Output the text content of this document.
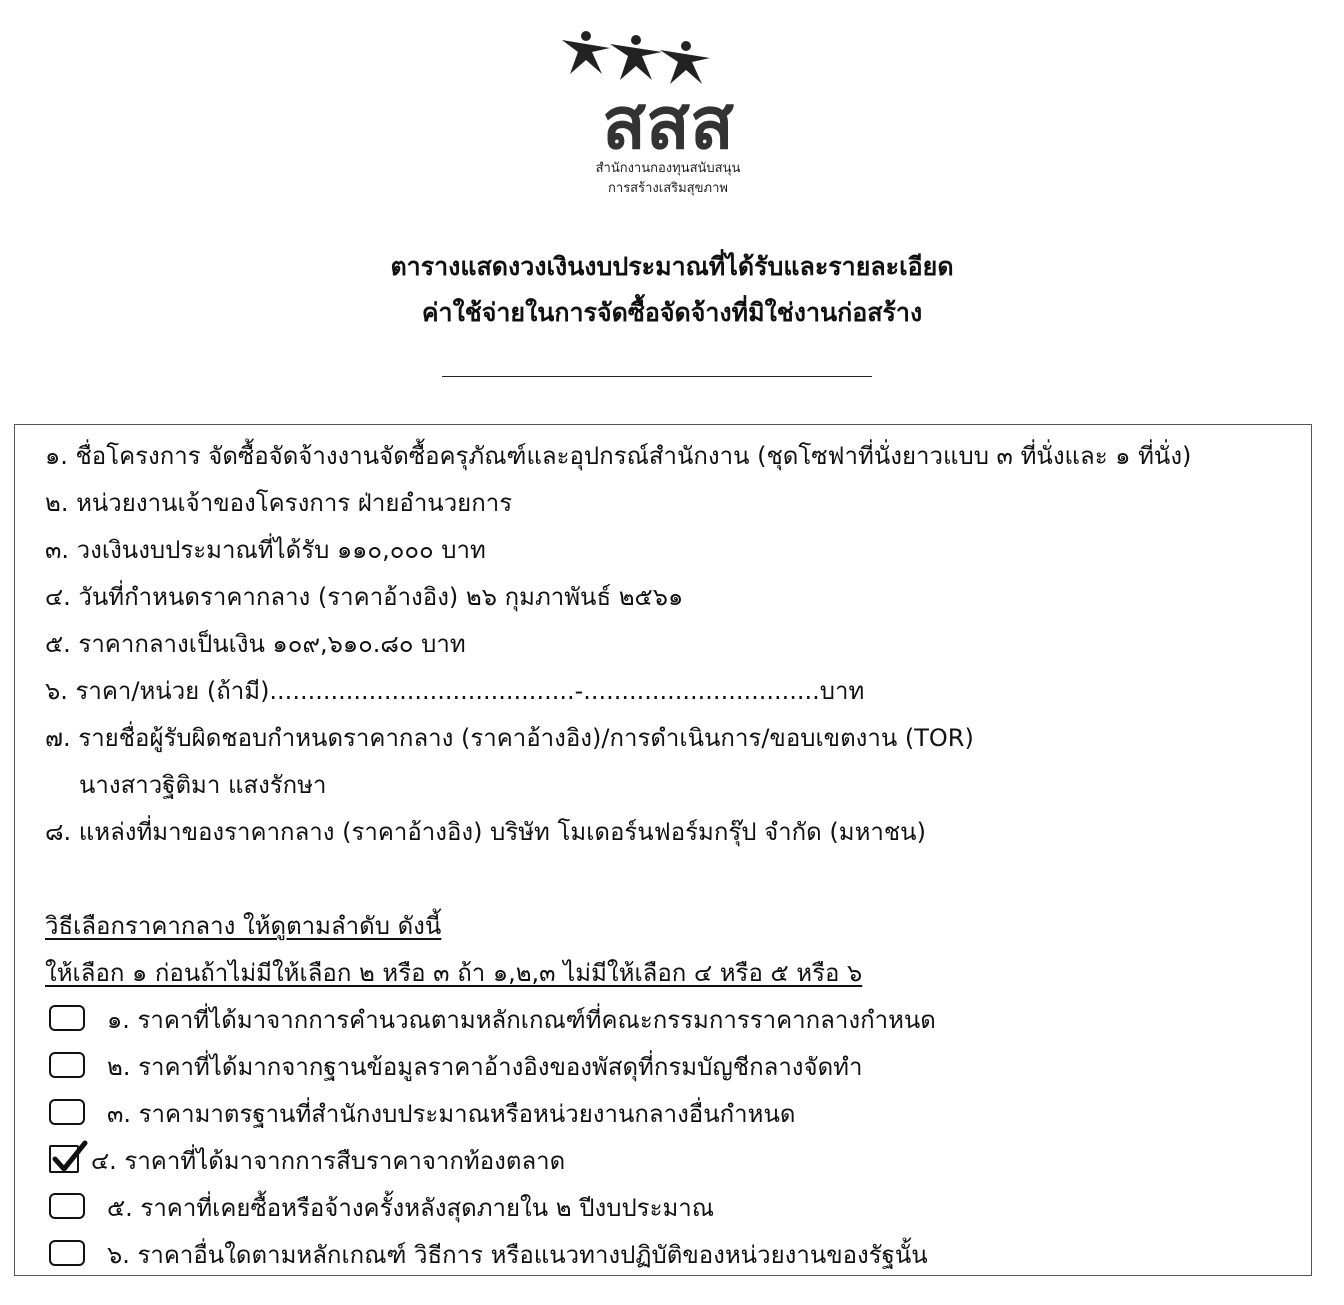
สสส
สำนักงานกองทุนสนับสนุน
การสร้างเสริมสุขภาพ
ตารางแสดงวงเงินงบประมาณที่ได้รับและรายละเอียด
ค่าใช้จ่ายในการจัดซื้อจัดจ้างที่มิใช่งานก่อสร้าง
๑. ชื่อโครงการ จัดซื้อจัดจ้างงานจัดซื้อครุภัณฑ์และอุปกรณ์สำนักงาน (ชุดโซฟาที่นั่งยาวแบบ ๓ ที่นั่งและ ๑ ที่นั่ง)
๒. หน่วยงานเจ้าของโครงการ ฝ่ายอำนวยการ
๓. วงเงินงบประมาณที่ได้รับ ๑๑๐,๐๐๐ บาท
๔. วันที่กำหนดราคากลาง (ราคาอ้างอิง) ๒๖ กุมภาพันธ์ ๒๕๖๑
๕. ราคากลางเป็นเงิน ๑๐๙,๖๑๐.๘๐ บาท
๖. ราคา/หน่วย (ถ้ามี)........................................-...............................บาท
๗. รายชื่อผู้รับผิดชอบกำหนดราคากลาง (ราคาอ้างอิง)/การดำเนินการ/ขอบเขตงาน (TOR)
นางสาวฐิติมา แสงรักษา
๘. แหล่งที่มาของราคากลาง (ราคาอ้างอิง) บริษัท โมเดอร์นฟอร์มกรุ๊ป จำกัด (มหาชน)
วิธีเลือกราคากลาง ให้ดูตามลำดับ ดังนี้
ให้เลือก ๑ ก่อนถ้าไม่มีให้เลือก ๒ หรือ ๓ ถ้า ๑,๒,๓ ไม่มีให้เลือก ๔ หรือ ๕ หรือ ๖
๑. ราคาที่ได้มาจากการคำนวณตามหลักเกณฑ์ที่คณะกรรมการราคากลางกำหนด
๒. ราคาที่ได้มากจากฐานข้อมูลราคาอ้างอิงของพัสดุที่กรมบัญชีกลางจัดทำ
๓. ราคามาตรฐานที่สำนักงบประมาณหรือหน่วยงานกลางอื่นกำหนด
๔. ราคาที่ได้มาจากการสืบราคาจากท้องตลาด
๕. ราคาที่เคยซื้อหรือจ้างครั้งหลังสุดภายใน ๒ ปีงบประมาณ
๖. ราคาอื่นใดตามหลักเกณฑ์ วิธีการ หรือแนวทางปฏิบัติของหน่วยงานของรัฐนั้น
